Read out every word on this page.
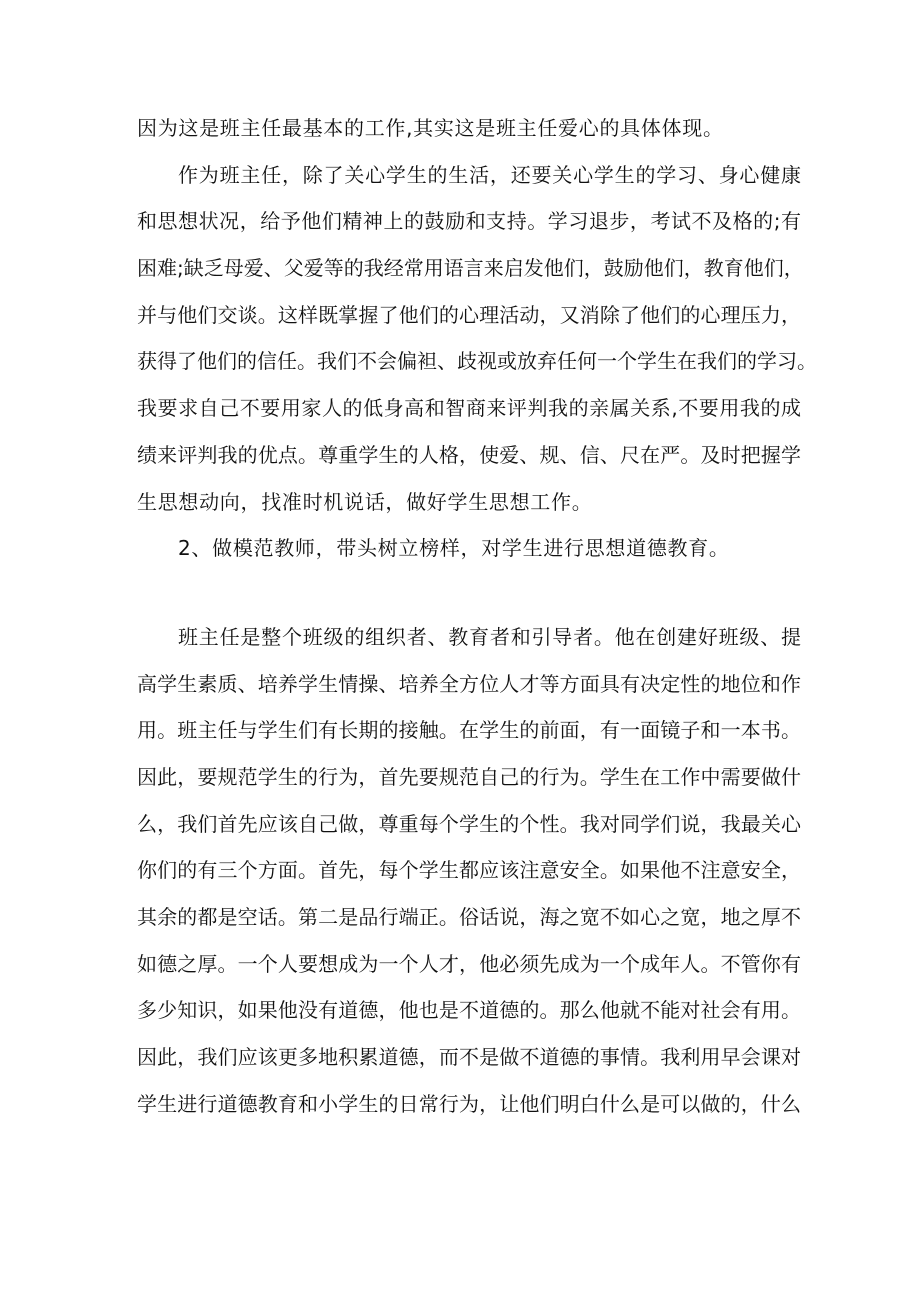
因为这是班主任最基本的工作,其实这是班主任爱心的具体体现。
作为班主任，除了关心学生的生活，还要关心学生的学习、身心健康
和思想状况，给予他们精神上的鼓励和支持。学习退步，考试不及格的;有
困难;缺乏母爱、父爱等的我经常用语言来启发他们，鼓励他们，教育他们，
并与他们交谈。这样既掌握了他们的心理活动，又消除了他们的心理压力，
获得了他们的信任。我们不会偏袒、歧视或放弃任何一个学生在我们的学习。
我要求自己不要用家人的低身高和智商来评判我的亲属关系,不要用我的成
绩来评判我的优点。尊重学生的人格，使爱、规、信、尺在严。及时把握学
生思想动向，找准时机说话，做好学生思想工作。
2、做模范教师，带头树立榜样，对学生进行思想道德教育。
班主任是整个班级的组织者、教育者和引导者。他在创建好班级、提
高学生素质、培养学生情操、培养全方位人才等方面具有决定性的地位和作
用。班主任与学生们有长期的接触。在学生的前面，有一面镜子和一本书。
因此，要规范学生的行为，首先要规范自己的行为。学生在工作中需要做什
么，我们首先应该自己做，尊重每个学生的个性。我对同学们说，我最关心
你们的有三个方面。首先，每个学生都应该注意安全。如果他不注意安全，
其余的都是空话。第二是品行端正。俗话说，海之宽不如心之宽，地之厚不
如德之厚。一个人要想成为一个人才，他必须先成为一个成年人。不管你有
多少知识，如果他没有道德，他也是不道德的。那么他就不能对社会有用。
因此，我们应该更多地积累道德，而不是做不道德的事情。我利用早会课对
学生进行道德教育和小学生的日常行为，让他们明白什么是可以做的，什么
